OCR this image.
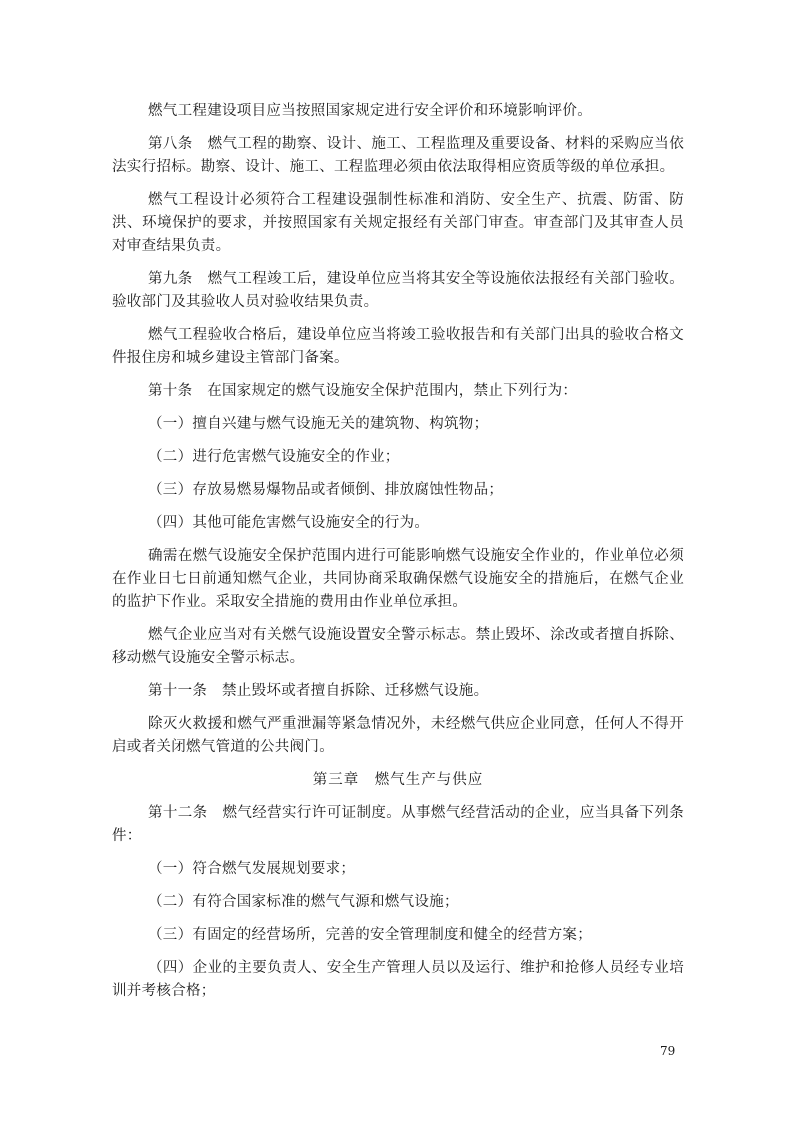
燃气工程建设项目应当按照国家规定进行安全评价和环境影响评价。

第八条　燃气工程的勘察、设计、施工、工程监理及重要设备、材料的采购应当依法实行招标。勘察、设计、施工、工程监理必须由依法取得相应资质等级的单位承担。

燃气工程设计必须符合工程建设强制性标准和消防、安全生产、抗震、防雷、防洪、环境保护的要求，并按照国家有关规定报经有关部门审查。审查部门及其审查人员对审查结果负责。

第九条　燃气工程竣工后，建设单位应当将其安全等设施依法报经有关部门验收。验收部门及其验收人员对验收结果负责。

燃气工程验收合格后，建设单位应当将竣工验收报告和有关部门出具的验收合格文件报住房和城乡建设主管部门备案。

第十条　在国家规定的燃气设施安全保护范围内，禁止下列行为：

（一）擅自兴建与燃气设施无关的建筑物、构筑物；

（二）进行危害燃气设施安全的作业；

（三）存放易燃易爆物品或者倾倒、排放腐蚀性物品；

（四）其他可能危害燃气设施安全的行为。

确需在燃气设施安全保护范围内进行可能影响燃气设施安全作业的，作业单位必须在作业日七日前通知燃气企业，共同协商采取确保燃气设施安全的措施后，在燃气企业的监护下作业。采取安全措施的费用由作业单位承担。

燃气企业应当对有关燃气设施设置安全警示标志。禁止毁坏、涂改或者擅自拆除、移动燃气设施安全警示标志。

第十一条　禁止毁坏或者擅自拆除、迁移燃气设施。

除灭火救援和燃气严重泄漏等紧急情况外，未经燃气供应企业同意，任何人不得开启或者关闭燃气管道的公共阀门。

第三章　燃气生产与供应

第十二条　燃气经营实行许可证制度。从事燃气经营活动的企业，应当具备下列条件：

（一）符合燃气发展规划要求；

（二）有符合国家标准的燃气气源和燃气设施；

（三）有固定的经营场所，完善的安全管理制度和健全的经营方案；

（四）企业的主要负责人、安全生产管理人员以及运行、维护和抢修人员经专业培训并考核合格；

79
